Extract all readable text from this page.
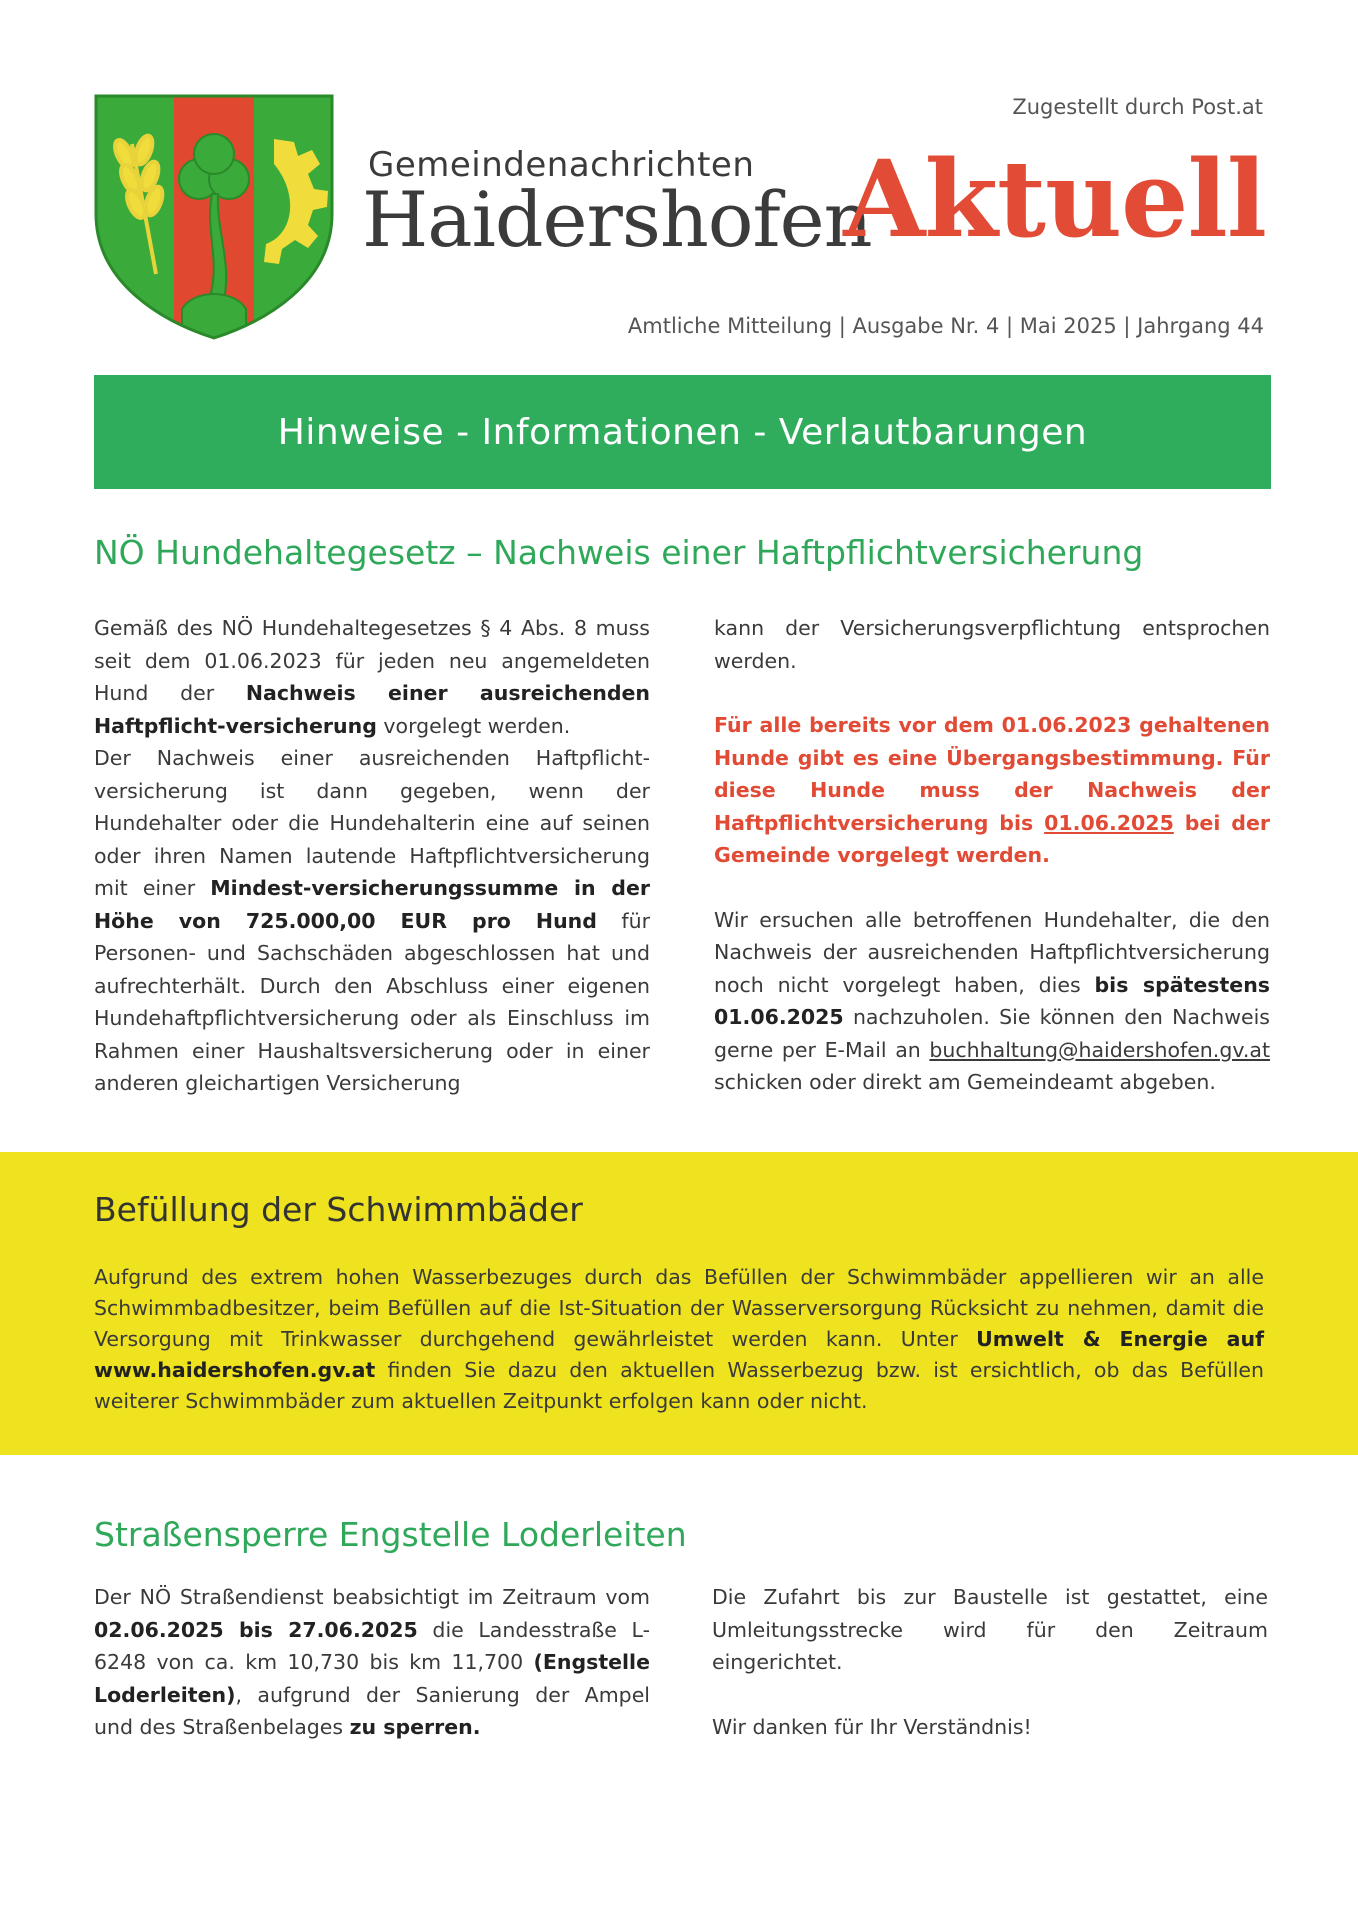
Zugestellt durch Post.at
Gemeindenachrichten
Haidershofen
Aktuell
Amtliche Mitteilung | Ausgabe Nr. 4 | Mai 2025 | Jahrgang 44
Hinweise - Informationen - Verlautbarungen
NÖ Hundehaltegesetz – Nachweis einer Haftpflichtversicherung

Gemäß des NÖ Hundehaltegesetzes § 4 Abs. 8 muss seit dem 01.06.2023 für jeden neu angemeldeten Hund der Nachweis einer ausreichenden Haftpflicht-versicherung vorgelegt werden.

Der Nachweis einer ausreichenden Haftpflicht-versicherung ist dann gegeben, wenn der Hundehalter oder die Hundehalterin eine auf seinen oder ihren Namen lautende Haftpflichtversicherung mit einer Mindest-versicherungssumme in der Höhe von 725.000,00 EUR pro Hund für Personen- und Sachschäden abgeschlossen hat und aufrechterhält. Durch den Abschluss einer eigenen Hundehaftpflichtversicherung oder als Einschluss im Rahmen einer Haushaltsversicherung oder in einer anderen gleichartigen Versicherung

kann der Versicherungsverpflichtung entsprochen werden.

Für alle bereits vor dem 01.06.2023 gehaltenen Hunde gibt es eine Übergangsbestimmung. Für diese Hunde muss der Nachweis der Haftpflichtversicherung bis 01.06.2025 bei der Gemeinde vorgelegt werden.

Wir ersuchen alle betroffenen Hundehalter, die den Nachweis der ausreichenden Haftpflichtversicherung noch nicht vorgelegt haben, dies bis spätestens 01.06.2025 nachzuholen. Sie können den Nachweis gerne per E-Mail an buchhaltung@haidershofen.gv.at schicken oder direkt am Gemeindeamt abgeben.

Befüllung der Schwimmbäder

Aufgrund des extrem hohen Wasserbezuges durch das Befüllen der Schwimmbäder appellieren wir an alle Schwimmbadbesitzer, beim Befüllen auf die Ist-Situation der Wasserversorgung Rücksicht zu nehmen, damit die Versorgung mit Trinkwasser durchgehend gewährleistet werden kann. Unter Umwelt & Energie auf www.haidershofen.gv.at finden Sie dazu den aktuellen Wasserbezug bzw. ist ersichtlich, ob das Befüllen weiterer Schwimmbäder zum aktuellen Zeitpunkt erfolgen kann oder nicht.

Straßensperre Engstelle Loderleiten

Der NÖ Straßendienst beabsichtigt im Zeitraum vom 02.06.2025 bis 27.06.2025 die Landesstraße L-6248 von ca. km 10,730 bis km 11,700 (Engstelle Loderleiten), aufgrund der Sanierung der Ampel und des Straßenbelages zu sperren.

Die Zufahrt bis zur Baustelle ist gestattet, eine Umleitungsstrecke wird für den Zeitraum eingerichtet.

Wir danken für Ihr Verständnis!
